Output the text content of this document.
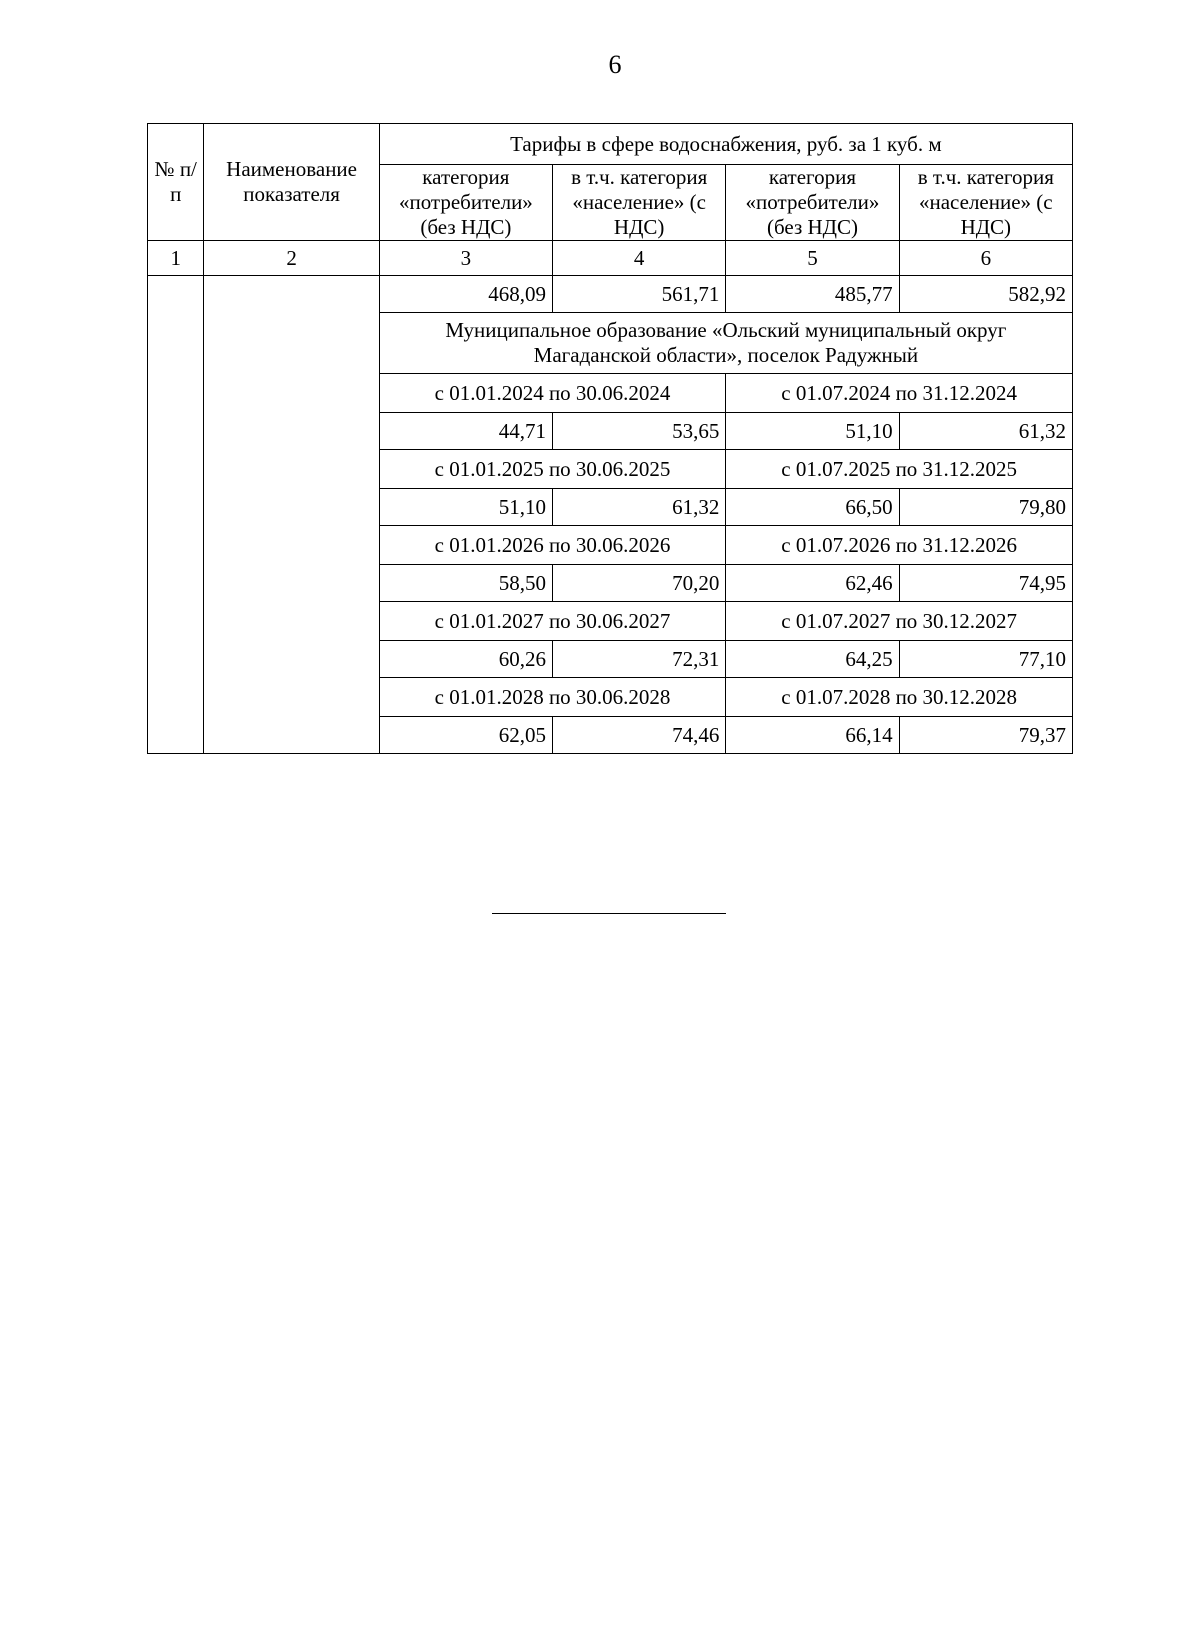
6
№ п/п	Наименование показателя	Тарифы в сфере водоснабжения, руб. за 1 куб. м			
		категория «потребители» (без НДС)	в т.ч. категория «население» (с НДС)	категория «потребители» (без НДС)	в т.ч. категория «население» (с НДС)
1	2	3	4	5	6
		468,09	561,71	485,77	582,92
		Муниципальное образование «Ольский муниципальный округ Магаданской области», поселок Радужный			
		с 01.01.2024 по 30.06.2024		с 01.07.2024 по 31.12.2024	
		44,71	53,65	51,10	61,32
		с 01.01.2025 по 30.06.2025		с 01.07.2025 по 31.12.2025	
		51,10	61,32	66,50	79,80
		с 01.01.2026 по 30.06.2026		с 01.07.2026 по 31.12.2026	
		58,50	70,20	62,46	74,95
		с 01.01.2027 по 30.06.2027		с 01.07.2027 по 30.12.2027	
		60,26	72,31	64,25	77,10
		с 01.01.2028 по 30.06.2028		с 01.07.2028 по 30.12.2028	
		62,05	74,46	66,14	79,37
